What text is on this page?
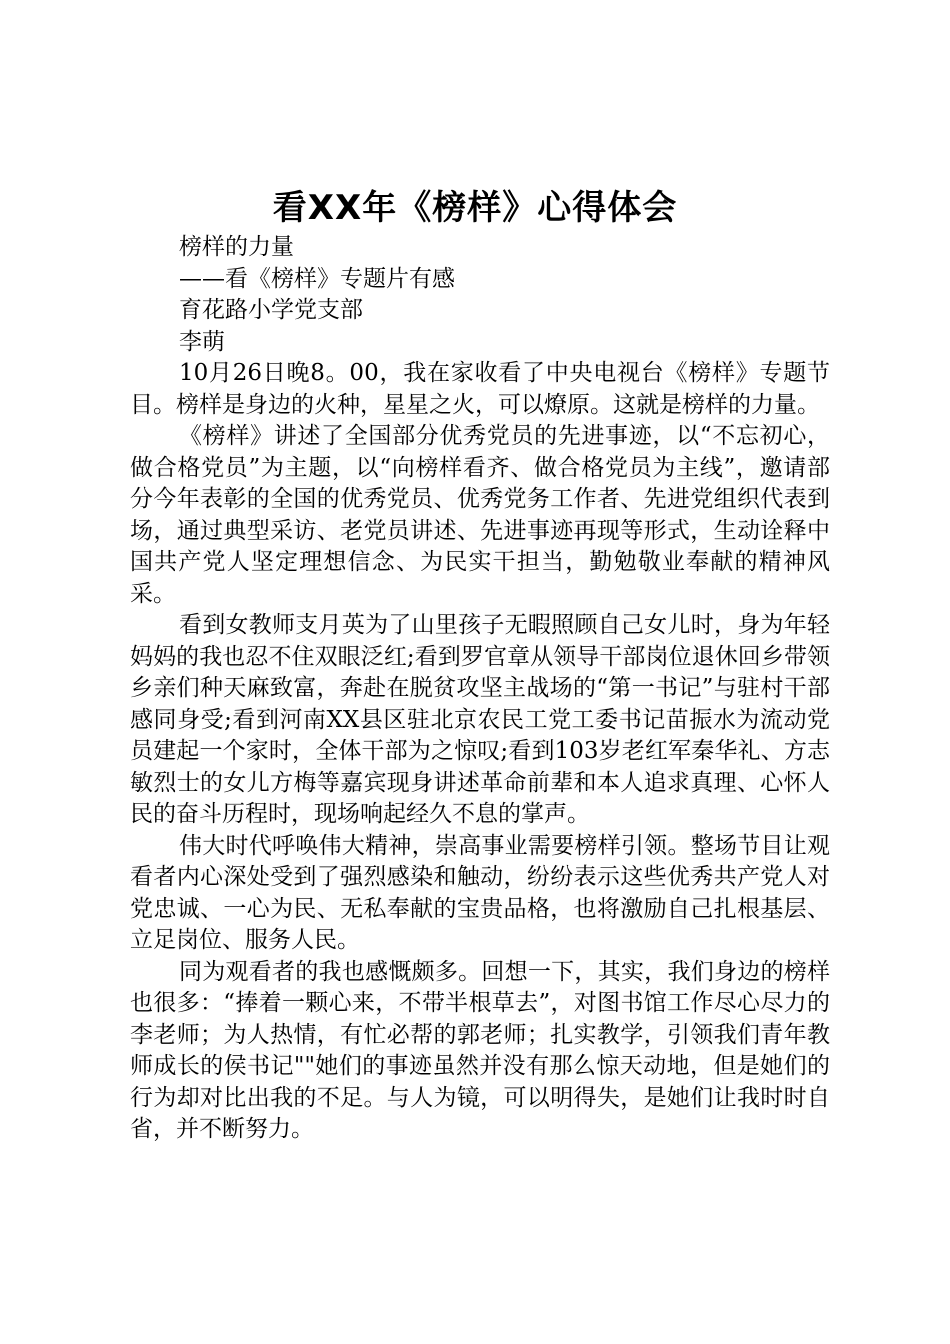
看XX年《榜样》心得体会

榜样的力量

——看《榜样》专题片有感

育花路小学党支部

李萌

10月26日晚8。00，我在家收看了中央电视台《榜样》专题节目。榜样是身边的火种，星星之火，可以燎原。这就是榜样的力量。

《榜样》讲述了全国部分优秀党员的先进事迹，以“不忘初心，做合格党员”为主题，以“向榜样看齐、做合格党员为主线”，邀请部分今年表彰的全国的优秀党员、优秀党务工作者、先进党组织代表到场，通过典型采访、老党员讲述、先进事迹再现等形式，生动诠释中国共产党人坚定理想信念、为民实干担当，勤勉敬业奉献的精神风采。

看到女教师支月英为了山里孩子无暇照顾自己女儿时，身为年轻妈妈的我也忍不住双眼泛红;看到罗官章从领导干部岗位退休回乡带领乡亲们种天麻致富，奔赴在脱贫攻坚主战场的“第一书记”与驻村干部感同身受;看到河南XX县区驻北京农民工党工委书记苗振水为流动党员建起一个家时，全体干部为之惊叹;看到103岁老红军秦华礼、方志敏烈士的女儿方梅等嘉宾现身讲述革命前辈和本人追求真理、心怀人民的奋斗历程时，现场响起经久不息的掌声。

伟大时代呼唤伟大精神，崇高事业需要榜样引领。整场节目让观看者内心深处受到了强烈感染和触动，纷纷表示这些优秀共产党人对党忠诚、一心为民、无私奉献的宝贵品格，也将激励自己扎根基层、立足岗位、服务人民。

同为观看者的我也感慨颇多。回想一下，其实，我们身边的榜样也很多：“捧着一颗心来，不带半根草去”，对图书馆工作尽心尽力的李老师；为人热情，有忙必帮的郭老师；扎实教学，引领我们青年教师成长的侯书记""她们的事迹虽然并没有那么惊天动地，但是她们的行为却对比出我的不足。与人为镜，可以明得失，是她们让我时时自省，并不断努力。
